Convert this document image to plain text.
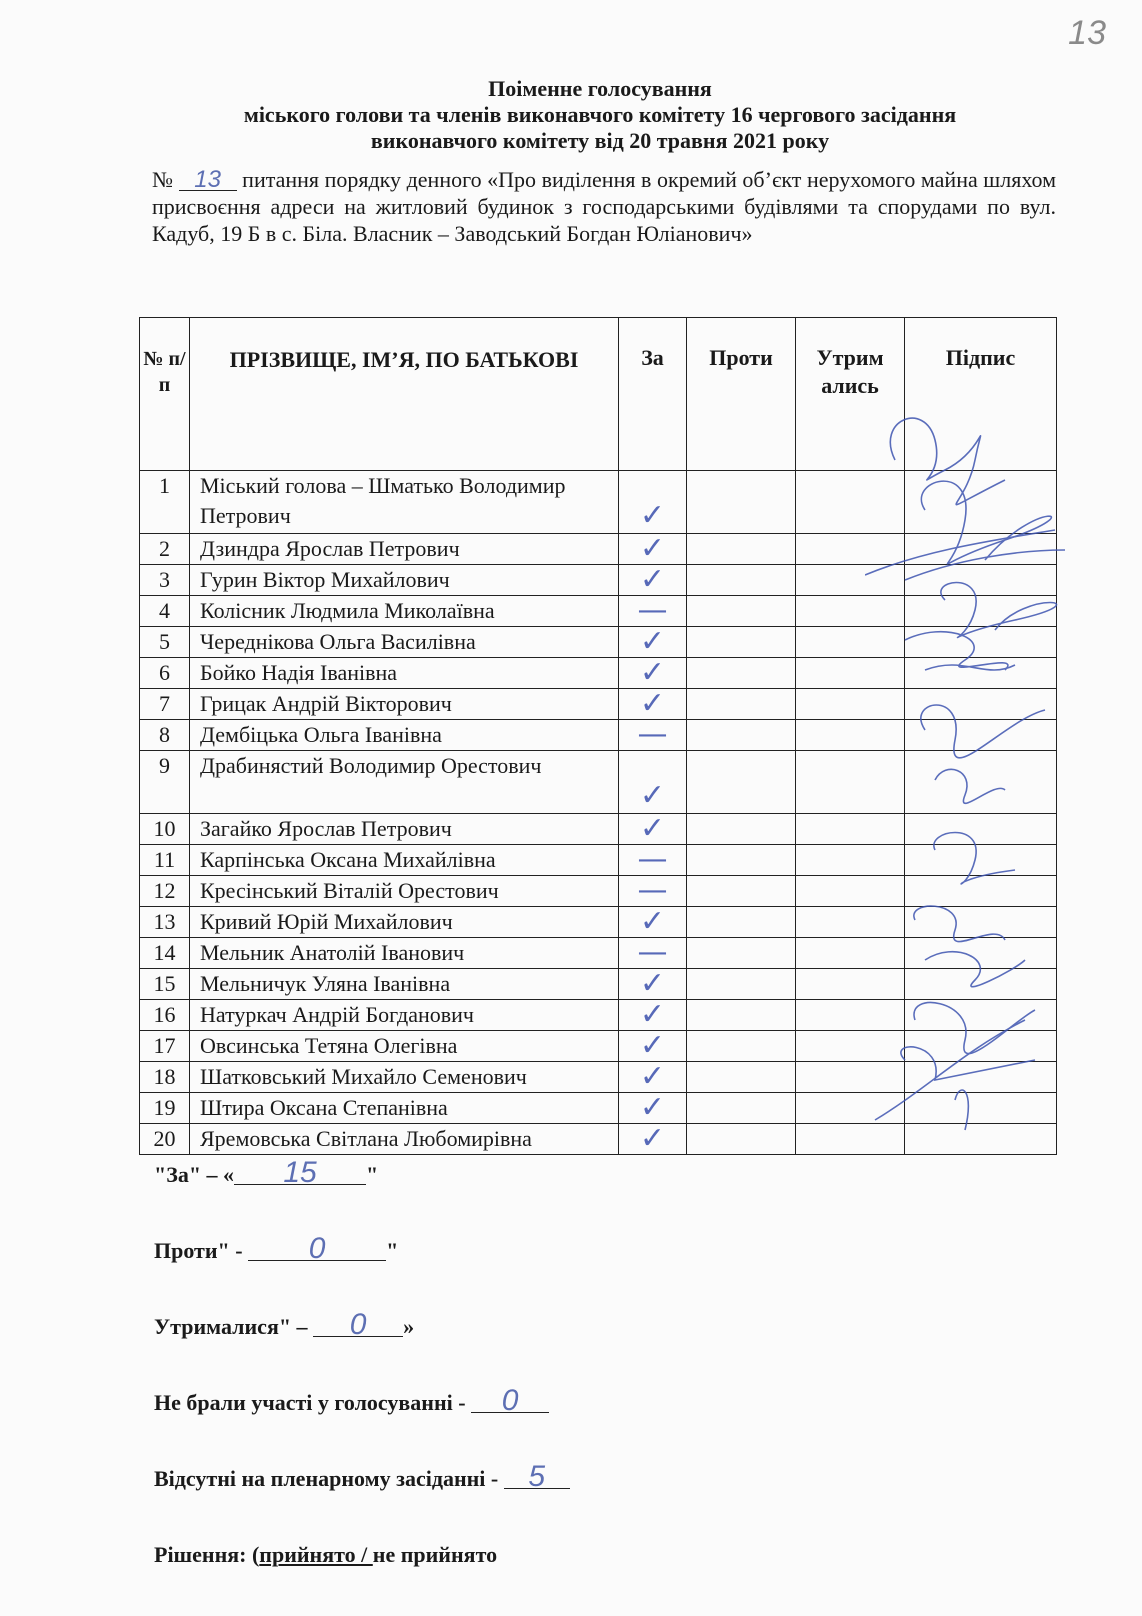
13
Поіменне голосування
міського голови та членів виконавчого комітету 16 чергового засідання
виконавчого комітету від 20 травня 2021 року
№ 13 питання порядку денного «Про виділення в окремий об’єкт нерухомого майна шляхом присвоєння адреси на житловий будинок з господарськими будівлями та спорудами по вул. Кадуб, 19 Б в с. Біла. Власник – Заводський Богдан Юліанович»
№ п/п	ПРІЗВИЩЕ, ІМ’Я, ПО БАТЬКОВІ	За	Проти	Утрим ались	Підпис
1	Міський голова – Шматько Володимир Петрович	✓			

2	Дзиндра Ярослав Петрович	✓			

3	Гурин Віктор Михайлович	✓			

4	Колісник Людмила Миколаївна	—			

5	Череднікова Ольга Василівна	✓			

6	Бойко Надія Іванівна	✓			

7	Грицак Андрій Вікторович	✓			

8	Дембіцька Ольга Іванівна	—			

9	Драбинястий Володимир Орестович	✓			

10	Загайко Ярослав Петрович	✓			

11	Карпінська Оксана Михайлівна	—			

12	Кресінський Віталій Орестович	—			

13	Кривий Юрій Михайлович	✓			

14	Мельник Анатолій Іванович	—			

15	Мельничук Уляна Іванівна	✓			

16	Натуркач Андрій Богданович	✓			

17	Овсинська Тетяна Олегівна	✓			

18	Шатковський Михайло Семенович	✓			

19	Штира Оксана Степанівна	✓			

20	Яремовська Світлана Любомирівна	✓			

"За" – « 15 "
Проти" - 0	"
Утрималися" – 0 »
Не брали участі у голосуванні - 0
Відсутні на пленарному засіданні - 5
Рішення: (прийнято / не прийнято
